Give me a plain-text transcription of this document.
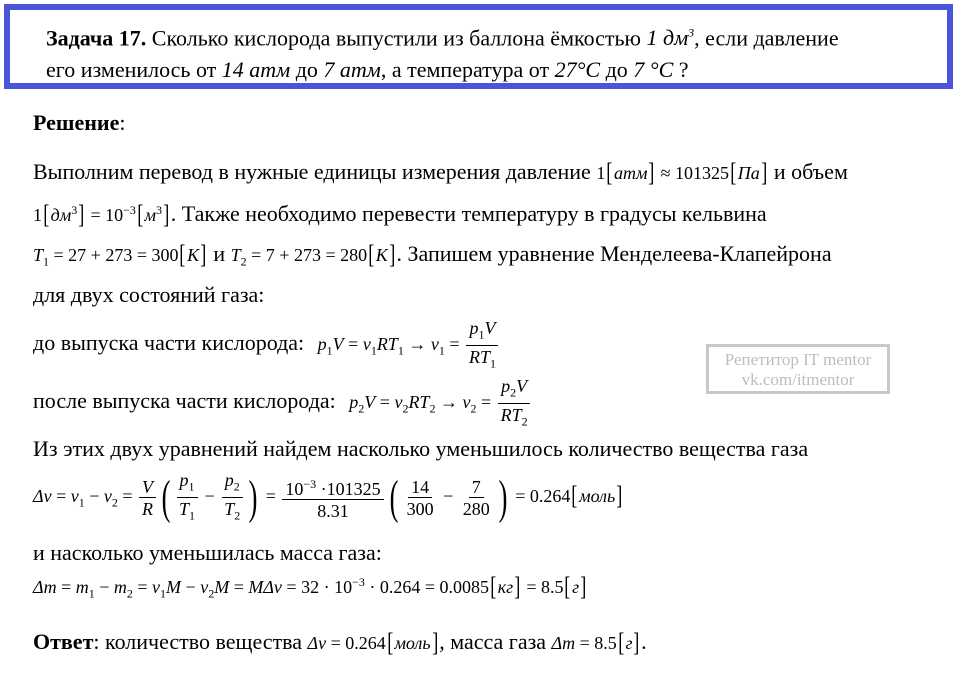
Задача 17. Сколько кислорода выпустили из баллона ёмкостью 1 $дм^3$, если давление
его изменилось от 14 атм до 7 атм, а температура от 27°C до 7 °C ?
Решение:
Выполним перевод в нужные единицы измерения давление 1[атм] ≈ 101325[Па] и объем
$1[дм^3] = 10^{-3}[м^3]$. Также необходимо перевести температуру в градусы кельвина
$T_1 = 27 + 273 = 300[K]$ и $T_2 = 7 + 273 = 280[K]$. Запишем уравнение Менделеева-Клапейрона
для двух состояний газа:
до выпуска части кислорода: $p_1V = \nu_1RT_1 \to \nu_1 = \frac{p_1V}{RT_1}$
после выпуска части кислорода: $p_2V = \nu_2RT_2 \to \nu_2 = \frac{p_2V}{RT_2}$
Из этих двух уравнений найдем насколько уменьшилось количество вещества газа
$\Delta\nu = \nu_1 - \nu_2 = \frac{V}{R}$ ( $\frac{p_1}{T_1} - \frac{p_2}{T_2}$ ) = $\frac{10^{-3} \cdot 101325}{8.31}$ ( $\frac{14}{300} - \frac{7}{280}$ ) = 0.264[моль]
и насколько уменьшилась масса газа:
$\Delta m = m_1 - m_2 = \nu_1M - \nu_2M = M\Delta\nu = 32 \cdot 10^{-3} \cdot 0.264 = 0.0085[кг] = 8.5[г]$
Ответ: количество вещества Δν = 0.264[моль], масса газа Δm = 8.5[г].
Репетитор IT mentor
vk.com/itmentor
